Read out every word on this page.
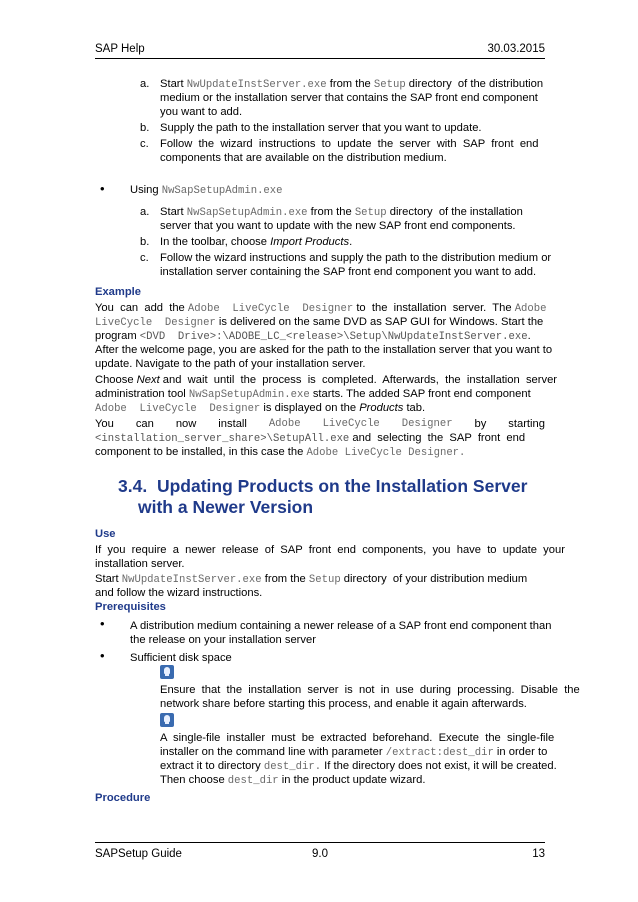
SAP Help	30.03.2015
a. Start NwUpdateInstServer.exe from the Setup directory  of the distribution
medium or the installation server that contains the SAP front end component
you want to add.
b. Supply the path to the installation server that you want to update.
c. Follow  the  wizard  instructions  to  update  the  server  with  SAP  front  end
components that are available on the distribution medium.
• Using NwSapSetupAdmin.exe
a. Start NwSapSetupAdmin.exe from the Setup directory  of the installation
server that you want to update with the new SAP front end components.
b. In the toolbar, choose Import Products.
c. Follow the wizard instructions and supply the path to the distribution medium or
installation server containing the SAP front end component you want to add.
Example
You  can  add  the Adobe  LiveCycle  Designer to  the  installation  server.  The Adobe
LiveCycle  Designer is delivered on the same DVD as SAP GUI for Windows. Start the
program <DVD  Drive>:\ADOBE_LC_<release>\Setup\NwUpdateInstServer.exe.
After the welcome page, you are asked for the path to the installation server that you want to
update. Navigate to the path of your installation server.
Choose Next and  wait  until  the  process  is  completed.  Afterwards,  the  installation  server
administration tool NwSapSetupAdmin.exe starts. The added SAP front end component
Adobe  LiveCycle  Designer is displayed on the Products tab.
You can now install Adobe LiveCycle Designer by starting
<installation_server_share>\SetupAll.exe and  selecting  the  SAP  front  end
component to be installed, in this case the Adobe LiveCycle Designer.
3.4. Updating Products on the Installation Server
with a Newer Version
Use
If  you  require  a  newer  release  of  SAP  front  end  components,  you  have  to  update  your
installation server.
Start NwUpdateInstServer.exe from the Setup directory  of your distribution medium
and follow the wizard instructions.
Prerequisites
• A distribution medium containing a newer release of a SAP front end component than
the release on your installation server
• Sufficient disk space
Ensure  that  the  installation  server  is  not  in  use  during  processing.  Disable  the
network share before starting this process, and enable it again afterwards.
A  single-file  installer  must  be  extracted  beforehand.  Execute  the  single-file
installer on the command line with parameter /extract:dest_dir in order to
extract it to directory dest_dir. If the directory does not exist, it will be created.
Then choose dest_dir in the product update wizard.
Procedure
SAPSetup Guide	9.0	13
